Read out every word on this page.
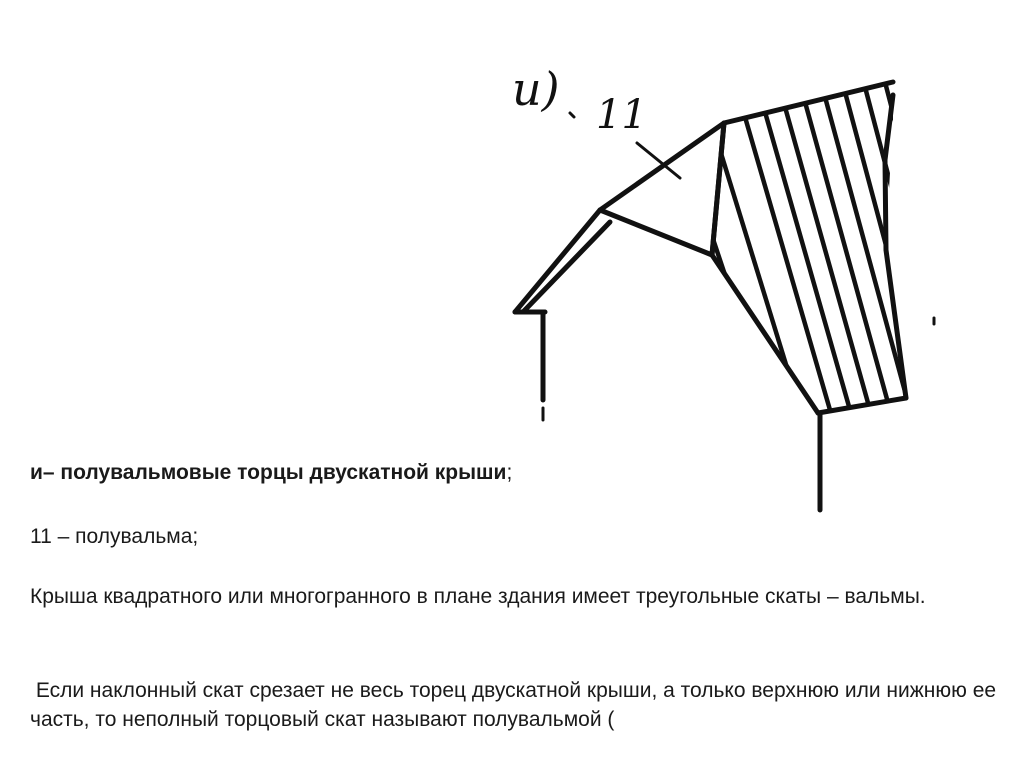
и) 11
и– полувальмовые торцы двускатной крыши;
11 – полувальма;
Крыша квадратного или многогранного в плане здания имеет треугольные скаты – вальмы.
Если наклонный скат срезает не весь торец двускатной крыши, а только верхнюю или нижнюю ее часть, то неполный торцовый скат называют полувальмой (
